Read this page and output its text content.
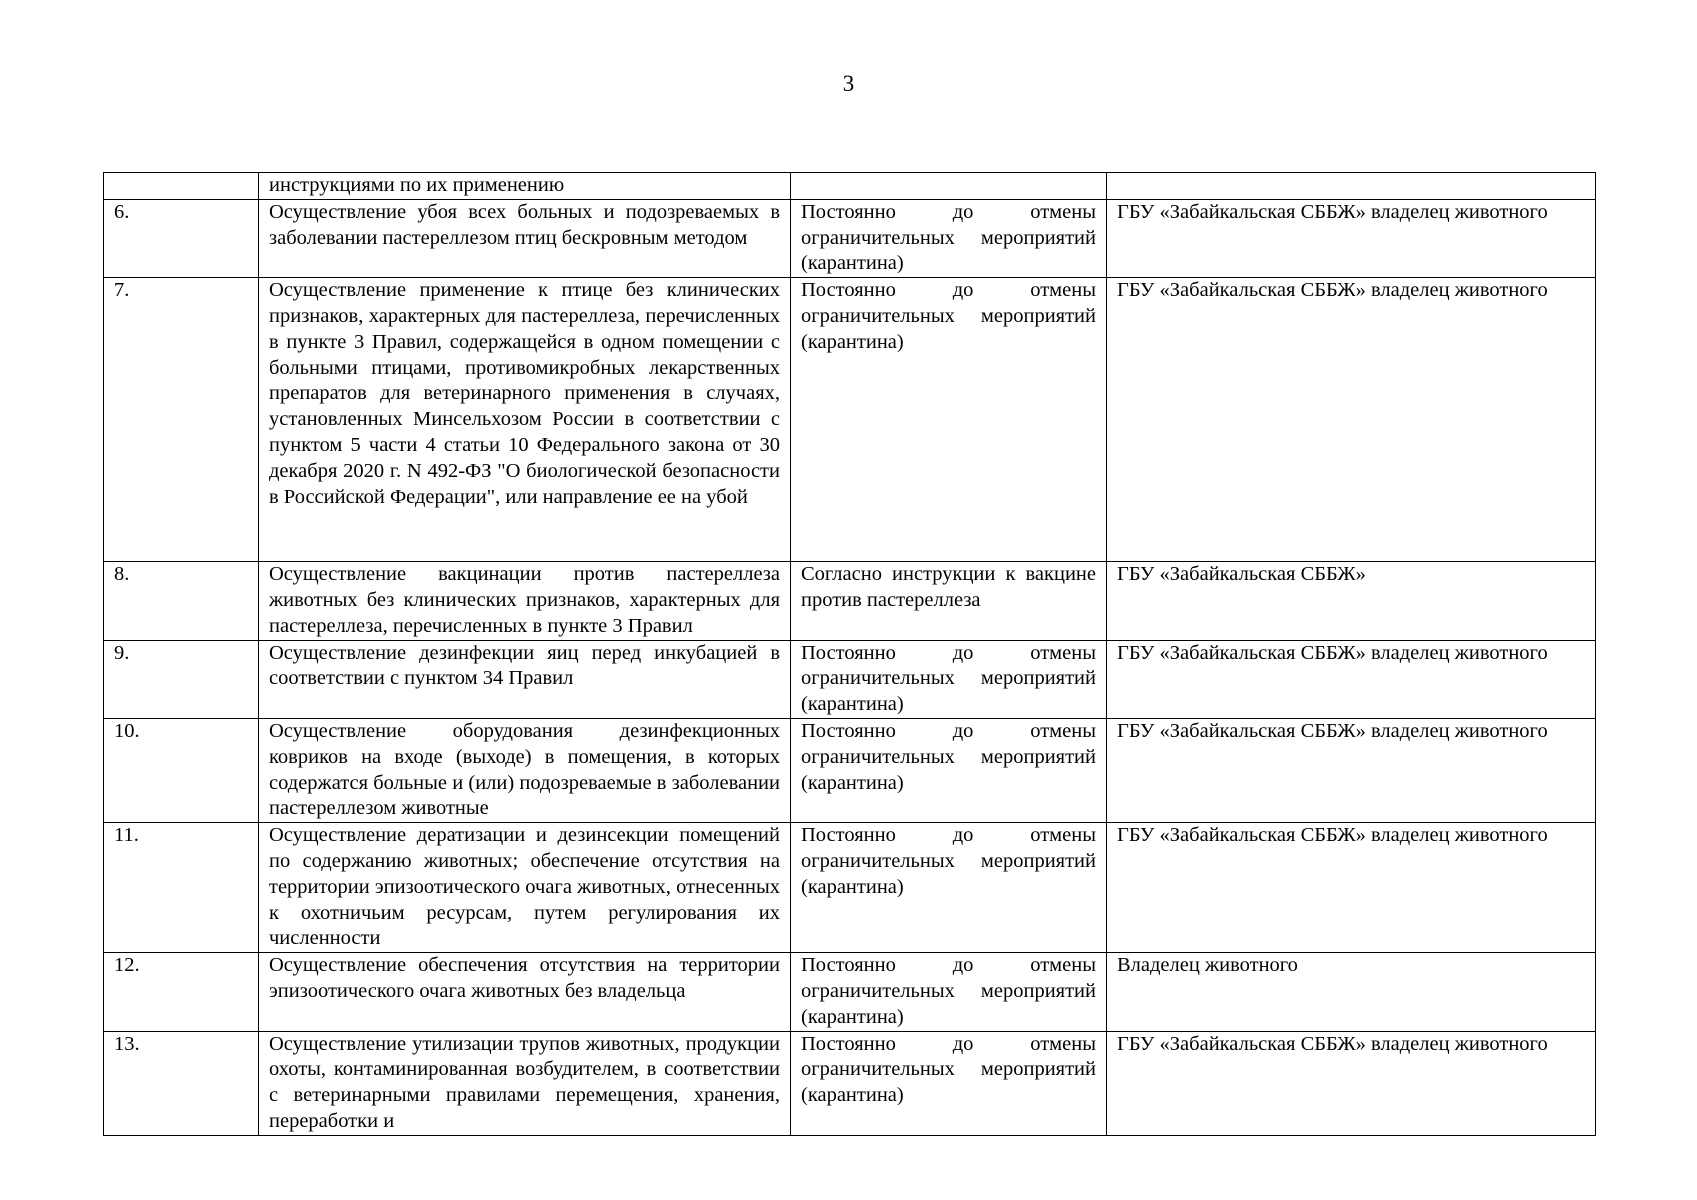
3
	инструкциями по их применению		
6.	Осуществление убоя всех больных и подозреваемых в заболевании пастереллезом птиц бескровным методом	Постоянно до отмены ограничительных мероприятий (карантина)	ГБУ «Забайкальская СББЖ» владелец животного
7.	Осуществление применение к птице без клинических признаков, характерных для пастереллеза, перечисленных в пункте 3 Правил, содержащейся в одном помещении с больными птицами, противомикробных лекарственных препаратов для ветеринарного применения в случаях, установленных Минсельхозом России в соответствии с пунктом 5 части 4 статьи 10 Федерального закона от 30 декабря 2020 г. N 492-ФЗ "О биологической безопасности в Российской Федерации", или направление ее на убой	Постоянно до отмены ограничительных мероприятий (карантина)	ГБУ «Забайкальская СББЖ» владелец животного
8.	Осуществление вакцинации против пастереллеза животных без клинических признаков, характерных для пастереллеза, перечисленных в пункте 3 Правил	Согласно инструкции к вакцине против пастереллеза	ГБУ «Забайкальская СББЖ»
9.	Осуществление дезинфекции яиц перед инкубацией в соответствии с пунктом 34 Правил	Постоянно до отмены ограничительных мероприятий (карантина)	ГБУ «Забайкальская СББЖ» владелец животного
10.	Осуществление оборудования дезинфекционных ковриков на входе (выходе) в помещения, в которых содержатся больные и (или) подозреваемые в заболевании пастереллезом животные	Постоянно до отмены ограничительных мероприятий (карантина)	ГБУ «Забайкальская СББЖ» владелец животного
11.	Осуществление дератизации и дезинсекции помещений по содержанию животных; обеспечение отсутствия на территории эпизоотического очага животных, отнесенных к охотничьим ресурсам, путем регулирования их численности	Постоянно до отмены ограничительных мероприятий (карантина)	ГБУ «Забайкальская СББЖ» владелец животного
12.	Осуществление обеспечения отсутствия на территории эпизоотического очага животных без владельца	Постоянно до отмены ограничительных мероприятий (карантина)	Владелец животного
13.	Осуществление утилизации трупов животных, продукции охоты, контаминированная возбудителем, в соответствии с ветеринарными правилами перемещения, хранения, переработки и	Постоянно до отмены ограничительных мероприятий (карантина)	ГБУ «Забайкальская СББЖ» владелец животного
